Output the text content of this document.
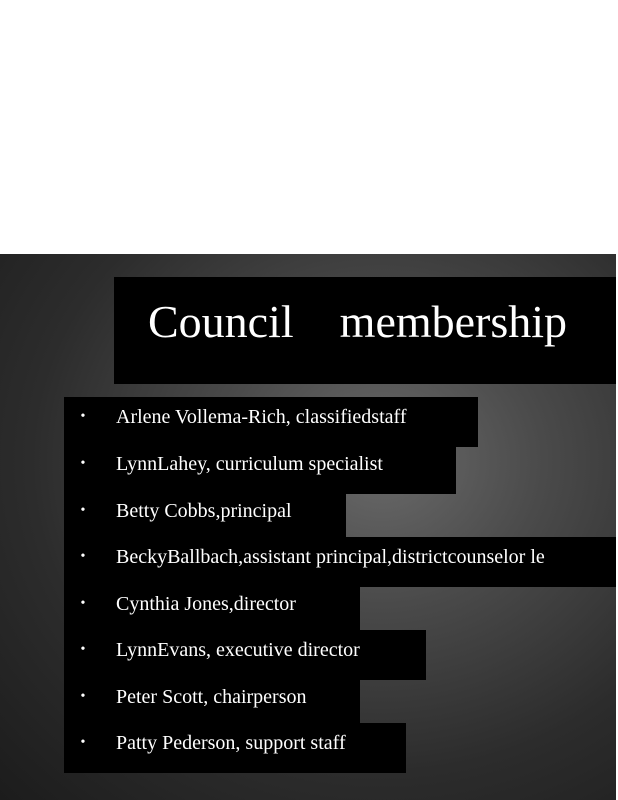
Council    membership
• Arlene Vollema-Rich, classifiedstaff
• LynnLahey, curriculum specialist
• Betty Cobbs,principal
• BeckyBallbach,assistant principal,districtcounselor le
• Cynthia Jones,director
• LynnEvans, executive director
• Peter Scott, chairperson
• Patty Pederson, support staff
